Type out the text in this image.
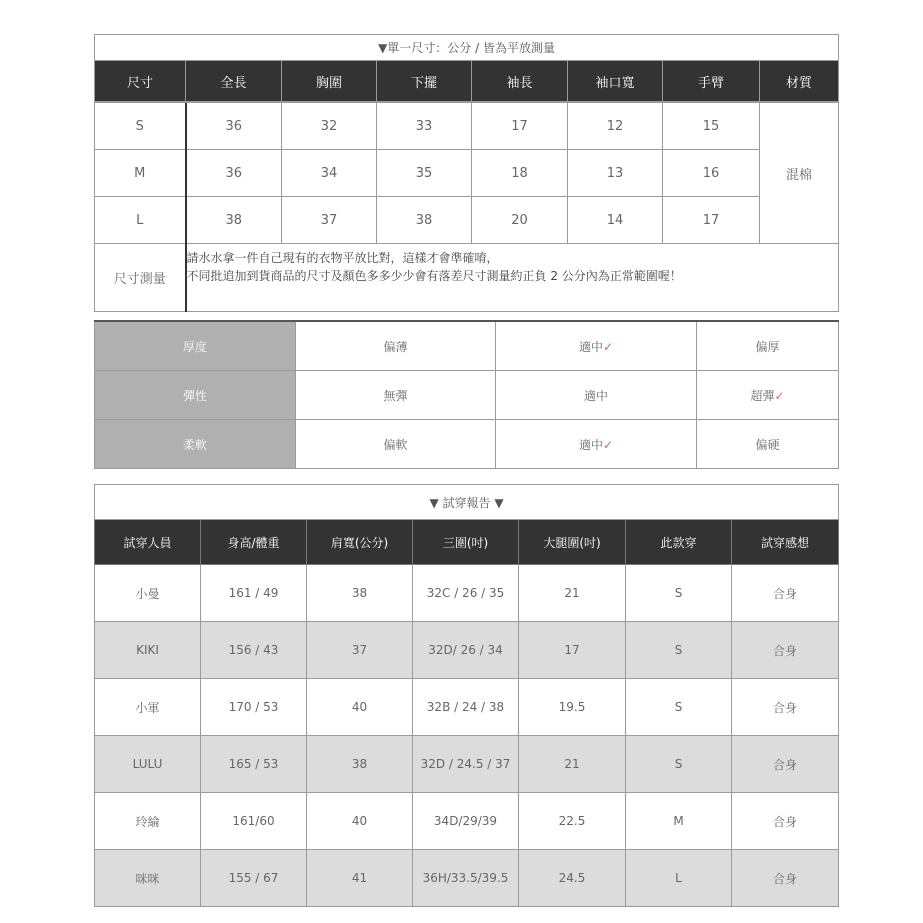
▼單一尺寸：公分 / 皆為平放測量							
尺寸	全長	胸圍	下擺	袖長	袖口寬	手臂	材質
S	36	32	33	17	12	15	混棉
M	36	34	35	18	13	16	
L	38	37	38	20	14	17	
尺寸測量	請水水拿一件自己現有的衣物平放比對，這樣才會準確唷，
不同批追加到貨商品的尺寸及顏色多多少少會有落差尺寸測量約正負 2 公分內為正常範圍喔！						
厚度	偏薄	適中✓	偏厚
彈性	無彈	適中	超彈✓
柔軟	偏軟	適中✓	偏硬
▼ 試穿報告 ▼						
試穿人員	身高/體重	肩寬(公分)	三圍(吋)	大腿圍(吋)	此款穿	試穿感想
小曼	161 / 49	38	32C / 26 / 35	21	S	合身
KIKI	156 / 43	37	32D/ 26 / 34	17	S	合身
小軍	170 / 53	40	32B / 24 / 38	19.5	S	合身
LULU	165 / 53	38	32D / 24.5 / 37	21	S	合身
玲綸	161/60	40	34D/29/39	22.5	M	合身
咪咪	155 / 67	41	36H/33.5/39.5	24.5	L	合身
